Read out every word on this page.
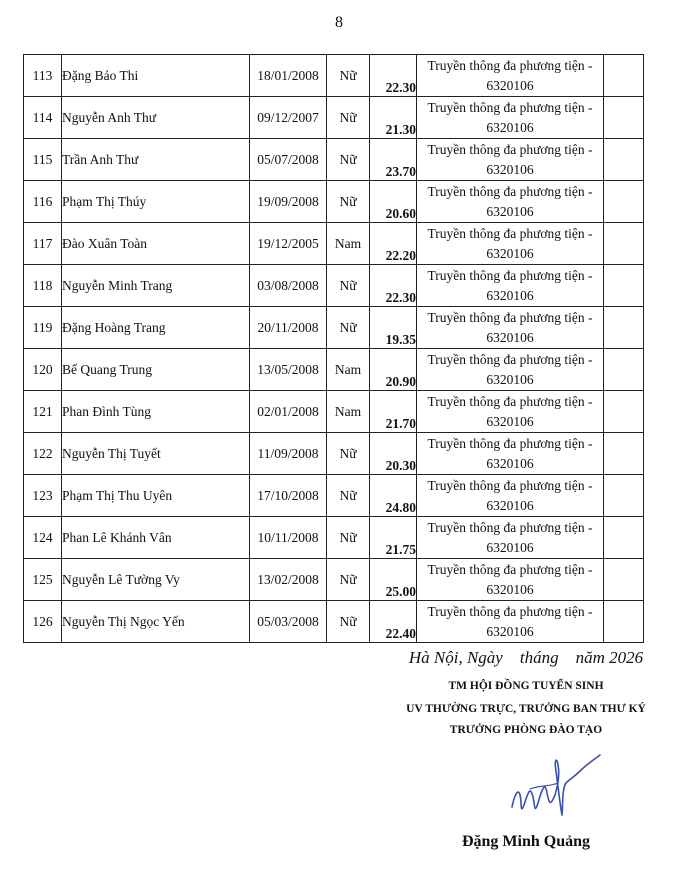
8
113	Đặng Bảo Thi	18/01/2008	Nữ	22.30	Truyền thông đa phương tiện -
6320106	

114	Nguyễn Anh Thư	09/12/2007	Nữ	21.30	Truyền thông đa phương tiện -
6320106	

115	Trần Anh Thư	05/07/2008	Nữ	23.70	Truyền thông đa phương tiện -
6320106	

116	Phạm Thị Thúy	19/09/2008	Nữ	20.60	Truyền thông đa phương tiện -
6320106	

117	Đào Xuân Toàn	19/12/2005	Nam	22.20	Truyền thông đa phương tiện -
6320106	

118	Nguyễn Minh Trang	03/08/2008	Nữ	22.30	Truyền thông đa phương tiện -
6320106	

119	Đặng Hoàng Trang	20/11/2008	Nữ	19.35	Truyền thông đa phương tiện -
6320106	

120	Bế Quang Trung	13/05/2008	Nam	20.90	Truyền thông đa phương tiện -
6320106	

121	Phan Đình Tùng	02/01/2008	Nam	21.70	Truyền thông đa phương tiện -
6320106	

122	Nguyễn Thị Tuyết	11/09/2008	Nữ	20.30	Truyền thông đa phương tiện -
6320106	

123	Phạm Thị Thu Uyên	17/10/2008	Nữ	24.80	Truyền thông đa phương tiện -
6320106	

124	Phan Lê Khánh Vân	10/11/2008	Nữ	21.75	Truyền thông đa phương tiện -
6320106	

125	Nguyễn Lê Tường Vy	13/02/2008	Nữ	25.00	Truyền thông đa phương tiện -
6320106	

126	Nguyễn Thị Ngọc Yến	05/03/2008	Nữ	22.40	Truyền thông đa phương tiện -
6320106	

Hà Nội, Ngày    tháng    năm 2026
TM HỘI ĐỒNG TUYỂN SINH
UV THƯỜNG TRỰC, TRƯỞNG BAN THƯ KÝ
TRƯỞNG PHÒNG ĐÀO TẠO
Đặng Minh Quảng
